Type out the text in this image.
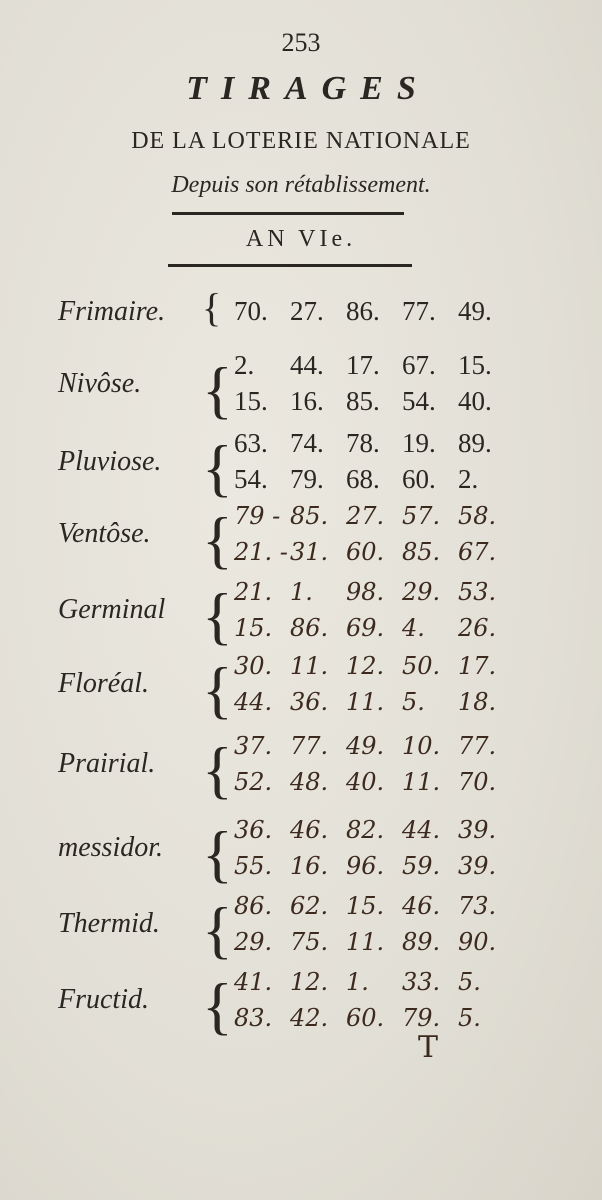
253
TIRAGES
DE LA LOTERIE NATIONALE
Depuis son rétablissement.
AN VIe.
Frimaire. { 70. 27. 86. 77. 49.
Nivôse. { 2. 44. 17. 67. 15.
15. 16. 85. 54. 40.
Pluviose. { 63. 74. 78. 19. 89.
54. 79. 68. 60. 2.
Ventôse. { 79 - 85. 27. 57. 58.
21. -31. 60. 85. 67.
Germinal { 21. 1. 98. 29. 53.
15. 86. 69. 4. 26.
Floréal. { 30. 11. 12. 50. 17.
44. 36. 11. 5. 18.
Prairial. { 37. 77. 49. 10. 77.
52. 48. 40. 11. 70.
messidor. { 36. 46. 82. 44. 39.
55. 16. 96. 59. 39.
Thermid. { 86. 62. 15. 46. 73.
29. 75. 11. 89. 90.
Fructid. { 41. 12. 1. 33. 5.
83. 42. 60. 79. 5.
T
